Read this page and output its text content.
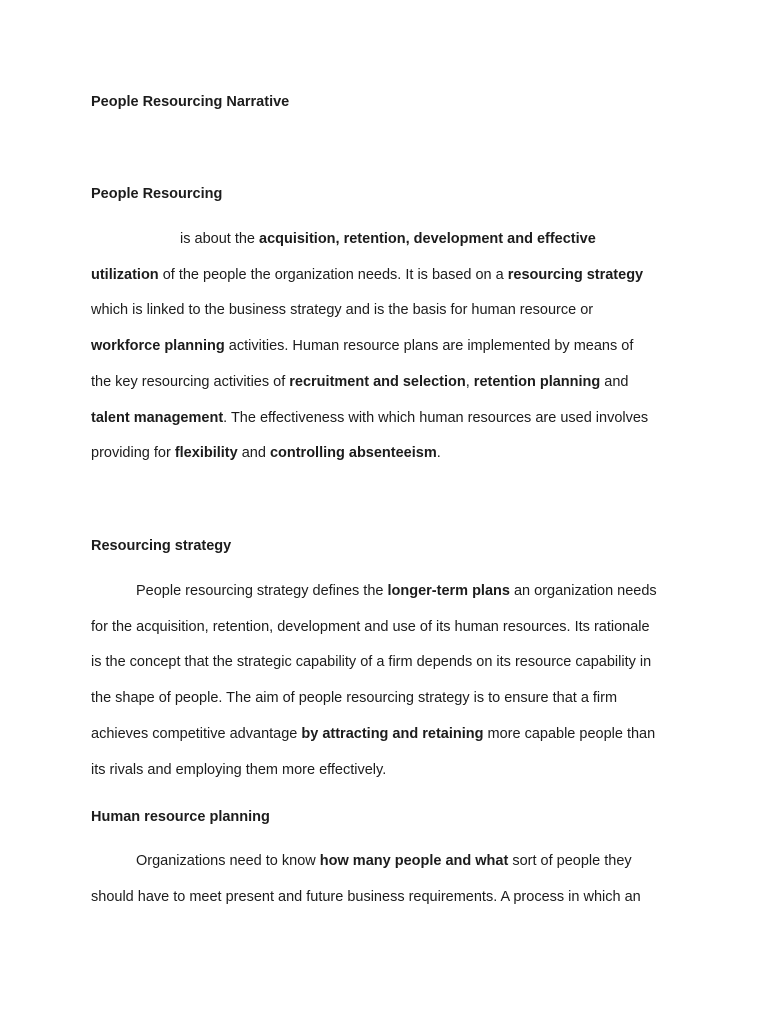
People Resourcing Narrative
People Resourcing
is about the acquisition, retention, development and effective
utilization of the people the organization needs. It is based on a resourcing strategy
which is linked to the business strategy and is the basis for human resource or
workforce planning activities. Human resource plans are implemented by means of
the key resourcing activities of recruitment and selection, retention planning and
talent management. The effectiveness with which human resources are used involves
providing for flexibility and controlling absenteeism.
Resourcing strategy
People resourcing strategy defines the longer-term plans an organization needs
for the acquisition, retention, development and use of its human resources. Its rationale
is the concept that the strategic capability of a firm depends on its resource capability in
the shape of people. The aim of people resourcing strategy is to ensure that a firm
achieves competitive advantage by attracting and retaining more capable people than
its rivals and employing them more effectively.
Human resource planning
Organizations need to know how many people and what sort of people they
should have to meet present and future business requirements. A process in which an
